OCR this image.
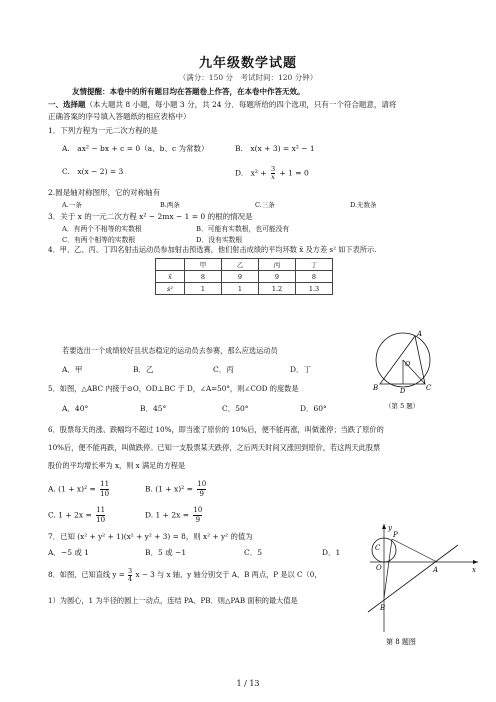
九年级数学试题
（满分：150 分　考试时间：120 分钟）
友情提醒：本卷中的所有题目均在答题卷上作答，在本卷中作答无效。
一、选择题（本大题共 8 小题，每小题 3 分，共 24 分．每题所给的四个选项，只有一个符合题意，请将
正确答案的序号填入答题纸的相应表格中）
1．下列方程为一元二次方程的是
A.　ax² − bx + c = 0（a、b、c 为常数）	B.　x(x + 3) = x² − 1
C.　x(x − 2) = 3	D.　$x^2 + \frac{3}{x} + 1 = 0$
2.圆是轴对称图形，它的对称轴有
A.一条	B.两条	C.三条	D.无数条
3．关于 x 的一元二次方程 x² − 2mx − 1 = 0 的根的情况是
A．有两个不相等的实数根	B．可能有实数根，也可能没有
C．有两个相等的实数根	D．没有实数根
4．甲、乙、丙、丁四名射击运动员参加射击预选赛，他们射击成绩的平均环数 x̄ 及方差 s² 如下表所示.
	甲	乙	丙	丁
x̄	8	9	9	8
s²	1	1	1.2	1.3
若要选出一个成绩较好且状态稳定的运动员去参赛，那么应选运动员
A．甲	B．乙	C．丙	D．丁
5．如图，△ABC 内接于⊙O，OD⊥BC 于 D，∠A=50°，则∠COD 的度数是
A．40°	B．45°	C．50°	D．60°
A
B	C
D
O
（第 5 题）
6．股票每天的涨、跌幅均不超过 10%，即当涨了原价的 10%后，便不能再涨，叫做涨停；当跌了原价的
10%后，便不能再跌，叫做跌停。已知一支股票某天跌停，之后两天时间又涨回到原价，若这两天此股票
股价的平均增长率为 x，则 x 满足的方程是
A. $(1 + x)^2 = \frac{11}{10}$	B. $(1 + x)^2 = \frac{10}{9}$
C. $1 + 2x = \frac{11}{10}$	D. $1 + 2x = \frac{10}{9}$
7．已知 (x² + y² + 1)(x² + y² + 3) = 8，则 x² + y² 的值为
A．−5 或 1	B．5 或 −1	C．5	D．1
8．如图，已知直线 $y = \frac{3}{4}$ x − 3 与 x 轴、y 轴分别交于 A、B 两点，P 是以 C（0，
1）为圆心，1 为半径的圆上一动点，连结 PA、PB．则△PAB 面积的最大值是
y
x
O	A
B
C
P
第 8 题图
1 / 13
